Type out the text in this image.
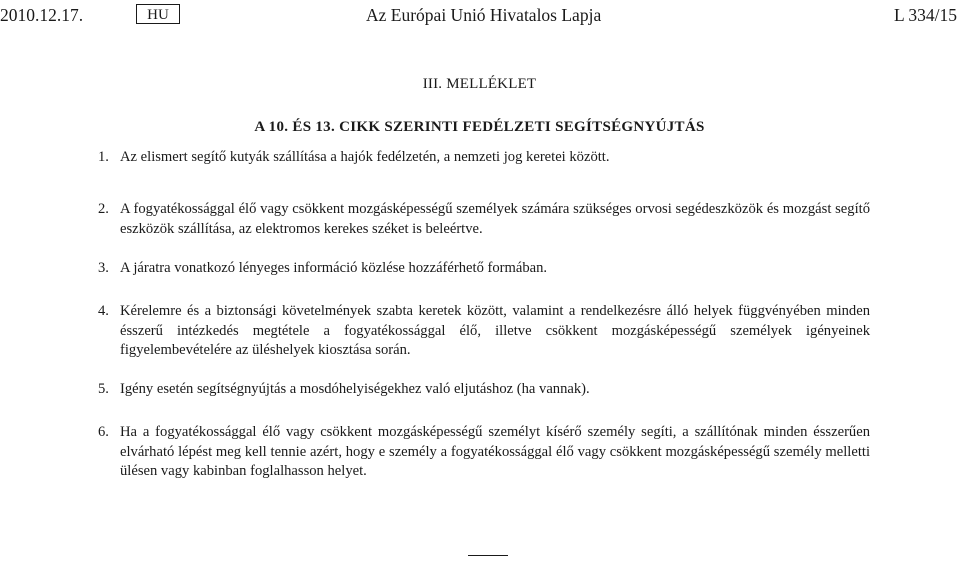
2010.12.17.	HU	Az Európai Unió Hivatalos Lapja	L 334/15
III. MELLÉKLET
A 10. ÉS 13. CIKK SZERINTI FEDÉLZETI SEGÍTSÉGNYÚJTÁS
1. Az elismert segítő kutyák szállítása a hajók fedélzetén, a nemzeti jog keretei között.
2. A fogyatékossággal élő vagy csökkent mozgásképességű személyek számára szükséges orvosi segédeszközök és mozgást segítő eszközök szállítása, az elektromos kerekes széket is beleértve.
3. A járatra vonatkozó lényeges információ közlése hozzáférhető formában.
4. Kérelemre és a biztonsági követelmények szabta keretek között, valamint a rendelkezésre álló helyek függvényében minden ésszerű intézkedés megtétele a fogyatékossággal élő, illetve csökkent mozgásképességű személyek igényeinek figyelembevételére az üléshelyek kiosztása során.
5. Igény esetén segítségnyújtás a mosdóhelyiségekhez való eljutáshoz (ha vannak).
6. Ha a fogyatékossággal élő vagy csökkent mozgásképességű személyt kísérő személy segíti, a szállítónak minden ésszerűen elvárható lépést meg kell tennie azért, hogy e személy a fogyatékossággal élő vagy csökkent mozgásképességű személy melletti ülésen vagy kabinban foglalhasson helyet.
